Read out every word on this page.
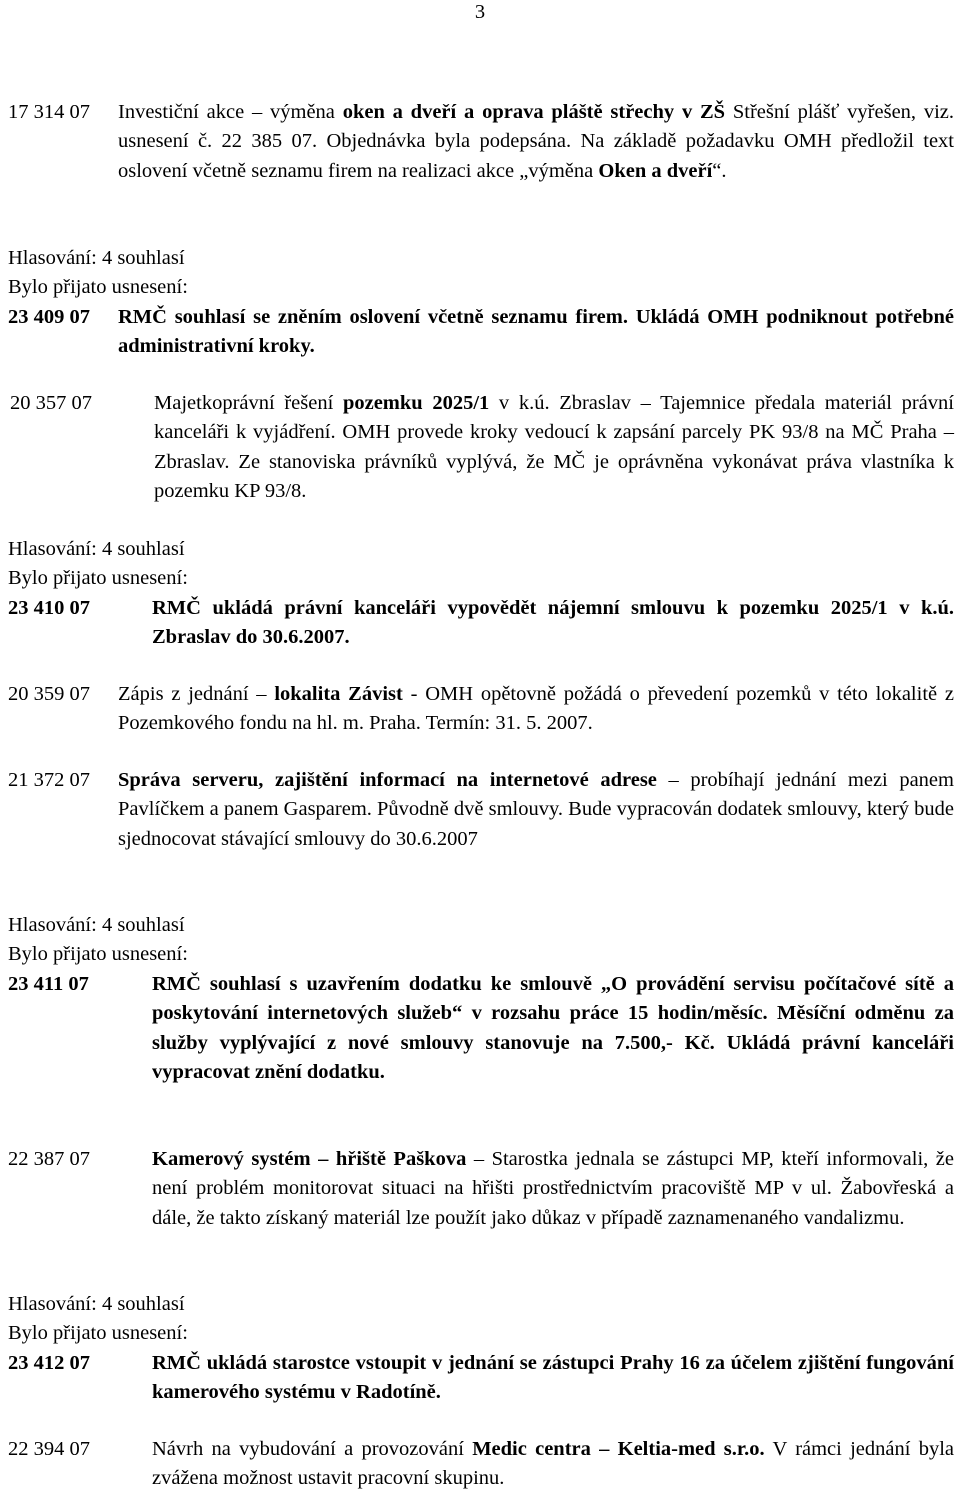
3
17 314 07	Investiční akce – výměna oken a dveří a oprava pláště střechy v ZŠ Střešní plášť vyřešen, viz. usnesení č. 22 385 07. Objednávka byla podepsána. Na základě požadavku OMH předložil text oslovení včetně seznamu firem na realizaci akce „výměna Oken a dveří“.
Hlasování: 4 souhlasí
Bylo přijato usnesení:
23 409 07	RMČ souhlasí se zněním oslovení včetně seznamu firem. Ukládá OMH podniknout potřebné administrativní kroky.
20 357 07	Majetkoprávní řešení pozemku 2025/1 v k.ú. Zbraslav – Tajemnice předala materiál právní kanceláři k vyjádření. OMH provede kroky vedoucí k zapsání parcely PK 93/8 na MČ Praha – Zbraslav. Ze stanoviska právníků vyplývá, že MČ je oprávněna vykonávat práva vlastníka k pozemku KP 93/8.
Hlasování: 4 souhlasí
Bylo přijato usnesení:
23 410 07	RMČ ukládá právní kanceláři vypovědět nájemní smlouvu k pozemku 2025/1 v k.ú. Zbraslav do 30.6.2007.
20 359 07	Zápis z jednání – lokalita Závist - OMH opětovně požádá o převedení pozemků v této lokalitě z Pozemkového fondu na hl. m. Praha. Termín: 31. 5. 2007.
21 372 07	Správa serveru, zajištění informací na internetové adrese – probíhají jednání mezi panem Pavlíčkem a panem Gasparem. Původně dvě smlouvy. Bude vypracován dodatek smlouvy, který bude sjednocovat stávající smlouvy do 30.6.2007
Hlasování: 4 souhlasí
Bylo přijato usnesení:
23 411 07	RMČ souhlasí s uzavřením dodatku ke smlouvě „O provádění servisu počítačové sítě a poskytování internetových služeb“ v rozsahu práce 15 hodin/měsíc. Měsíční odměnu za služby vyplývající z nové smlouvy stanovuje na 7.500,- Kč. Ukládá právní kanceláři vypracovat znění dodatku.
22 387 07	Kamerový systém – hřiště Paškova – Starostka jednala se zástupci MP, kteří informovali, že není problém monitorovat situaci na hřišti prostřednictvím pracoviště MP v ul. Žabovřeská a dále, že takto získaný materiál lze použít jako důkaz v případě zaznamenaného vandalizmu.
Hlasování: 4 souhlasí
Bylo přijato usnesení:
23 412 07	RMČ ukládá starostce vstoupit v jednání se zástupci Prahy 16 za účelem zjištění fungování kamerového systému v Radotíně.
22 394 07	Návrh na vybudování a provozování Medic centra – Keltia-med s.r.o. V rámci jednání byla zvážena možnost ustavit pracovní skupinu.
